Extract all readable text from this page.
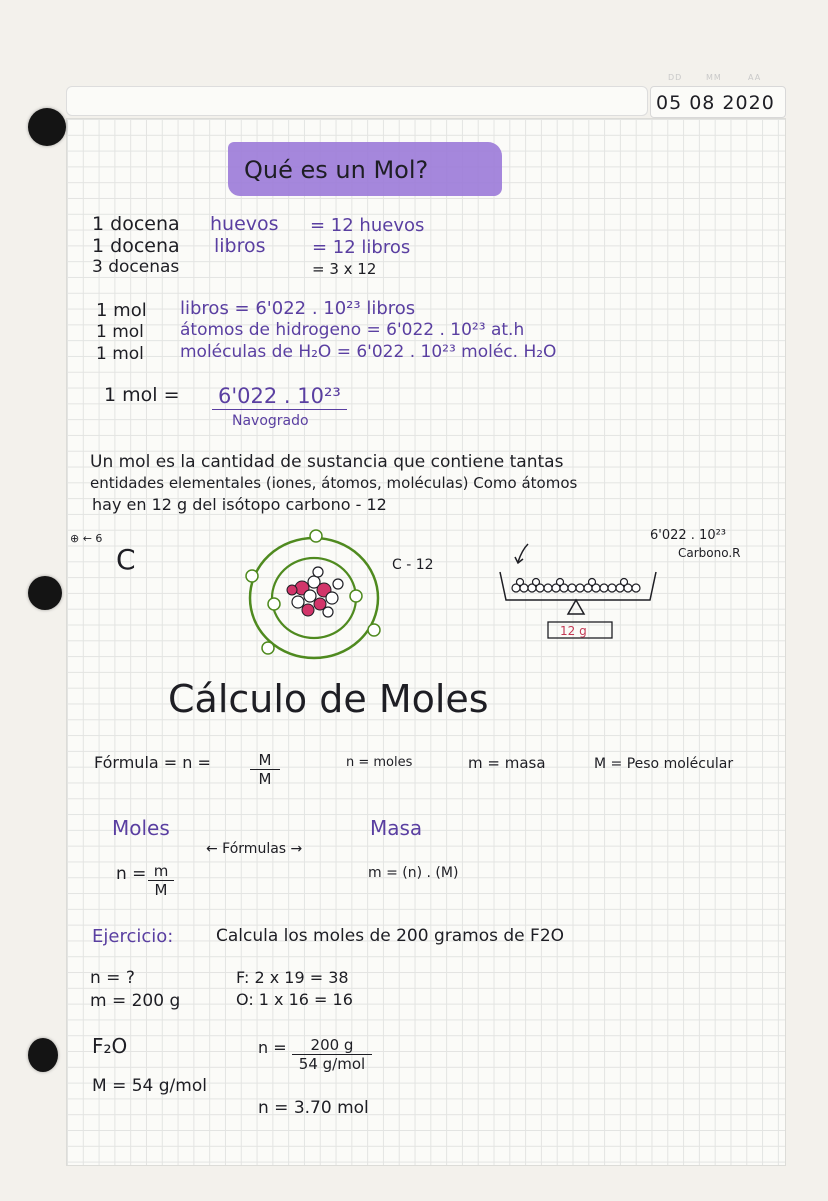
DD	MM	AA
05 08 2020
Qué es un Mol?
1 docena huevos = 12 huevos
1 docena libros	= 12 libros
3 docenas	= 3 x 12
1 mol libros = 6'022 . 10²³ libros
1 mol átomos de hidrogeno = 6'022 . 10²³ at.h
1 mol moléculas de H₂O = 6'022 . 10²³ moléc. H₂O
1 mol = 6'022 . 10²³
Navogrado
Un mol es la cantidad de sustancia que contiene tantas
entidades elementales (iones, átomos, moléculas) Como átomos
hay en 12 g del isótopo carbono - 12
⊕ ← 6
C	C - 12
6'022 . 10²³
Carbono.R
12 g
Cálculo de Moles
Fórmula = n =	$\frac{M}{M}$	n = moles	m = masa	M = Peso molécular
Moles	Masa
← Fórmulas →
$n = \frac{m}{M}$	m = (n) . (M)
Ejercicio:	Calcula los moles de 200 gramos de F2O
n = ?
m = 200 g
F: 2 x 19 = 38
O: 1 x 16 = 16
F₂O
M = 54 g/mol
n =	200 g
54 g/mol
n = 3.70 mol
